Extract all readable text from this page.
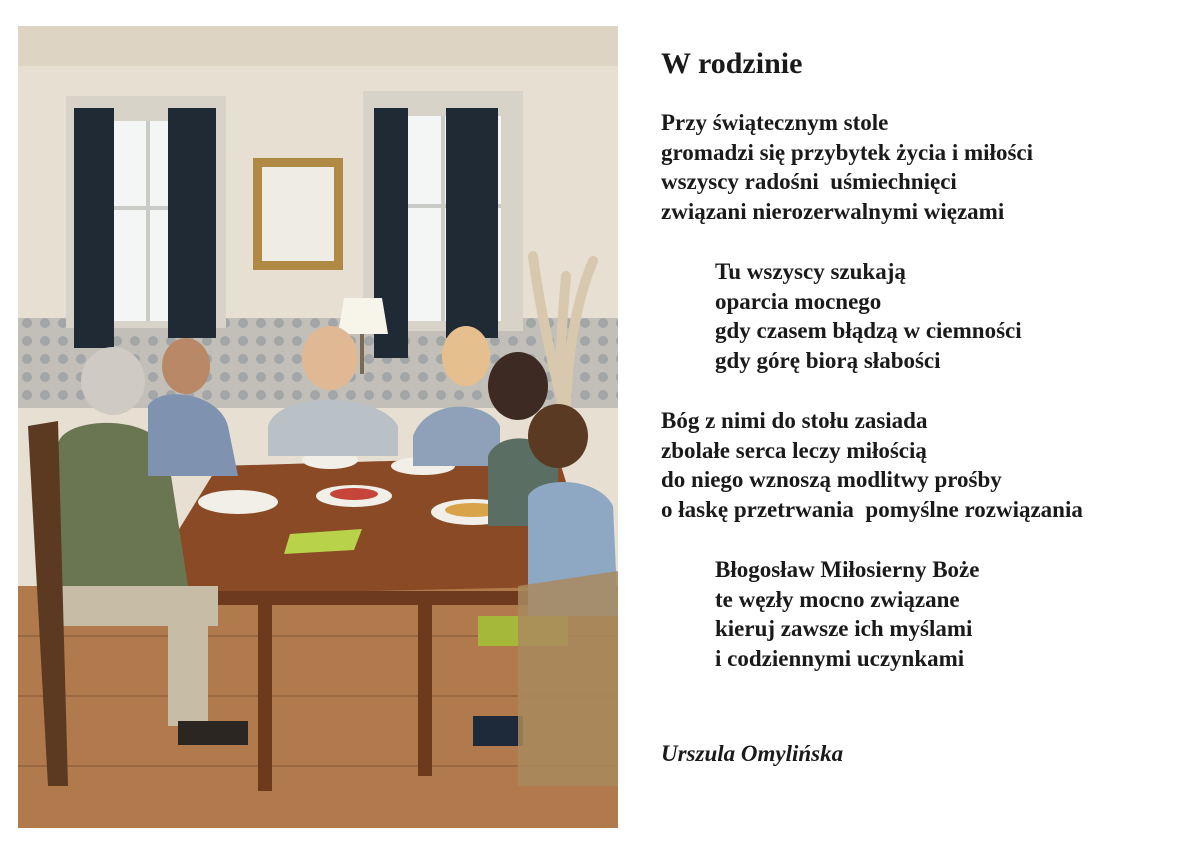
W rodzinie
Przy świątecznym stole
gromadzi się przybytek życia i miłości
wszyscy radośni  uśmiechnięci
związani nierozerwalnymi więzami
Tu wszyscy szukają
oparcia mocnego
gdy czasem błądzą w ciemności
gdy górę biorą słabości
Bóg z nimi do stołu zasiada
zbolałe serca leczy miłością
do niego wznoszą modlitwy prośby
o łaskę przetrwania  pomyślne rozwiązania
Błogosław Miłosierny Boże
te węzły mocno związane
kieruj zawsze ich myślami
i codziennymi uczynkami
Urszula Omylińska
